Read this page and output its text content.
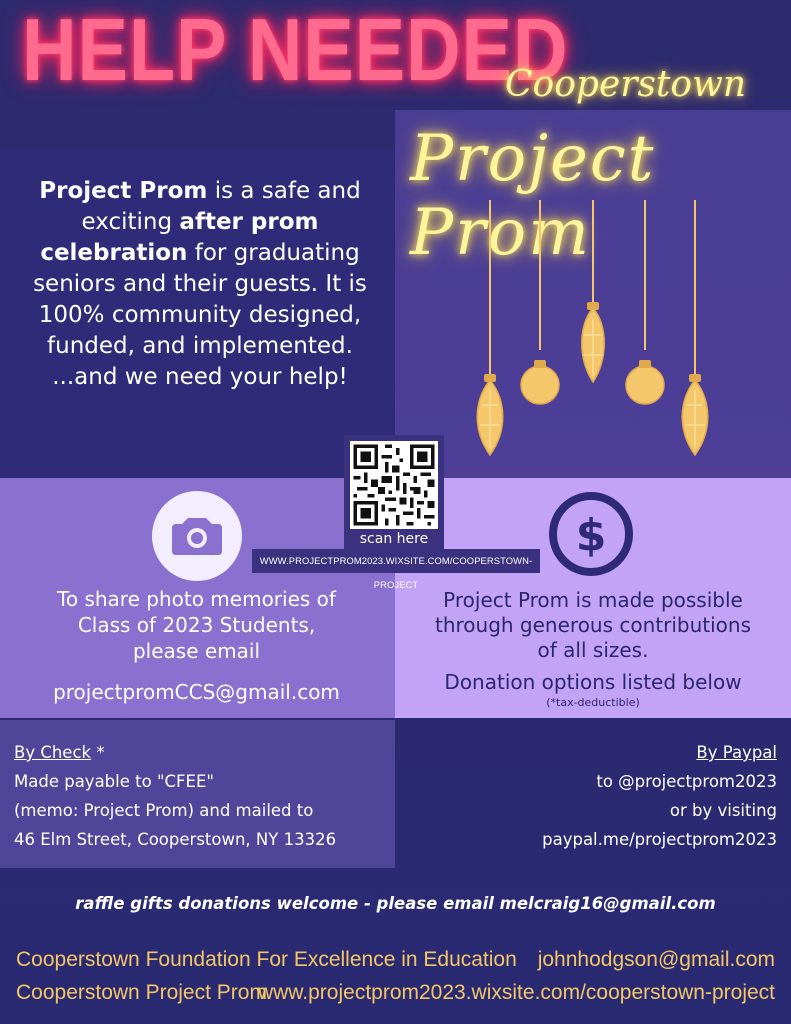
HELP NEEDED

Cooperstown

Project Prom

Project Prom is a safe and exciting after prom celebration for graduating seniors and their guests. It is 100% community designed, funded, and implemented. ...and we need your help!

$
scan here
WWW.PROJECTPROM2023.WIXSITE.COM/COOPERSTOWN-PROJECT
To share photo memories of
Class of 2023 Students,
please email
projectpromCCS@gmail.com
Project Prom is made possible
through generous contributions
of all sizes.
Donation options listed below
(*tax-deductible)
By Check *
Made payable to "CFEE"
(memo: Project Prom) and mailed to
46 Elm Street, Cooperstown, NY 13326
By Paypal
to @projectprom2023
or by visiting
paypal.me/projectprom2023
raffle gifts donations welcome - please email melcraig16@gmail.com
Cooperstown Foundation For Excellence in Education johnhodgson@gmail.com
Cooperstown Project Prom
www.projectprom2023.wixsite.com/cooperstown-project
